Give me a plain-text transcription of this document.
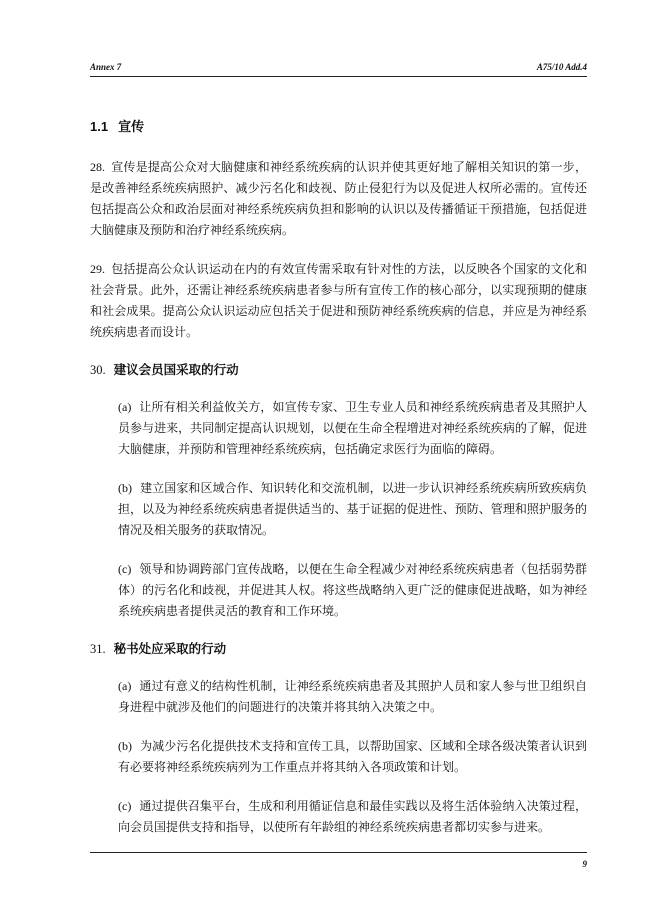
Annex 7	A75/10 Add.4
1.1 宣传

28. 宣传是提高公众对大脑健康和神经系统疾病的认识并使其更好地了解相关知识的第一步，是改善神经系统疾病照护、减少污名化和歧视、防止侵犯行为以及促进人权所必需的。宣传还包括提高公众和政治层面对神经系统疾病负担和影响的认识以及传播循证干预措施，包括促进大脑健康及预防和治疗神经系统疾病。

29. 包括提高公众认识运动在内的有效宣传需采取有针对性的方法，以反映各个国家的文化和社会背景。此外，还需让神经系统疾病患者参与所有宣传工作的核心部分，以实现预期的健康和社会成果。提高公众认识运动应包括关于促进和预防神经系统疾病的信息，并应是为神经系统疾病患者而设计。

30. 建议会员国采取的行动

(a) 让所有相关利益攸关方，如宣传专家、卫生专业人员和神经系统疾病患者及其照护人员参与进来，共同制定提高认识规划，以便在生命全程增进对神经系统疾病的了解，促进大脑健康，并预防和管理神经系统疾病，包括确定求医行为面临的障碍。

(b) 建立国家和区域合作、知识转化和交流机制，以进一步认识神经系统疾病所致疾病负担，以及为神经系统疾病患者提供适当的、基于证据的促进性、预防、管理和照护服务的情况及相关服务的获取情况。

(c) 领导和协调跨部门宣传战略，以便在生命全程减少对神经系统疾病患者（包括弱势群体）的污名化和歧视，并促进其人权。将这些战略纳入更广泛的健康促进战略，如为神经系统疾病患者提供灵活的教育和工作环境。

31. 秘书处应采取的行动

(a) 通过有意义的结构性机制，让神经系统疾病患者及其照护人员和家人参与世卫组织自身进程中就涉及他们的问题进行的决策并将其纳入决策之中。

(b) 为减少污名化提供技术支持和宣传工具，以帮助国家、区域和全球各级决策者认识到有必要将神经系统疾病列为工作重点并将其纳入各项政策和计划。

(c) 通过提供召集平台，生成和利用循证信息和最佳实践以及将生活体验纳入决策过程，向会员国提供支持和指导，以使所有年龄组的神经系统疾病患者都切实参与进来。

9
